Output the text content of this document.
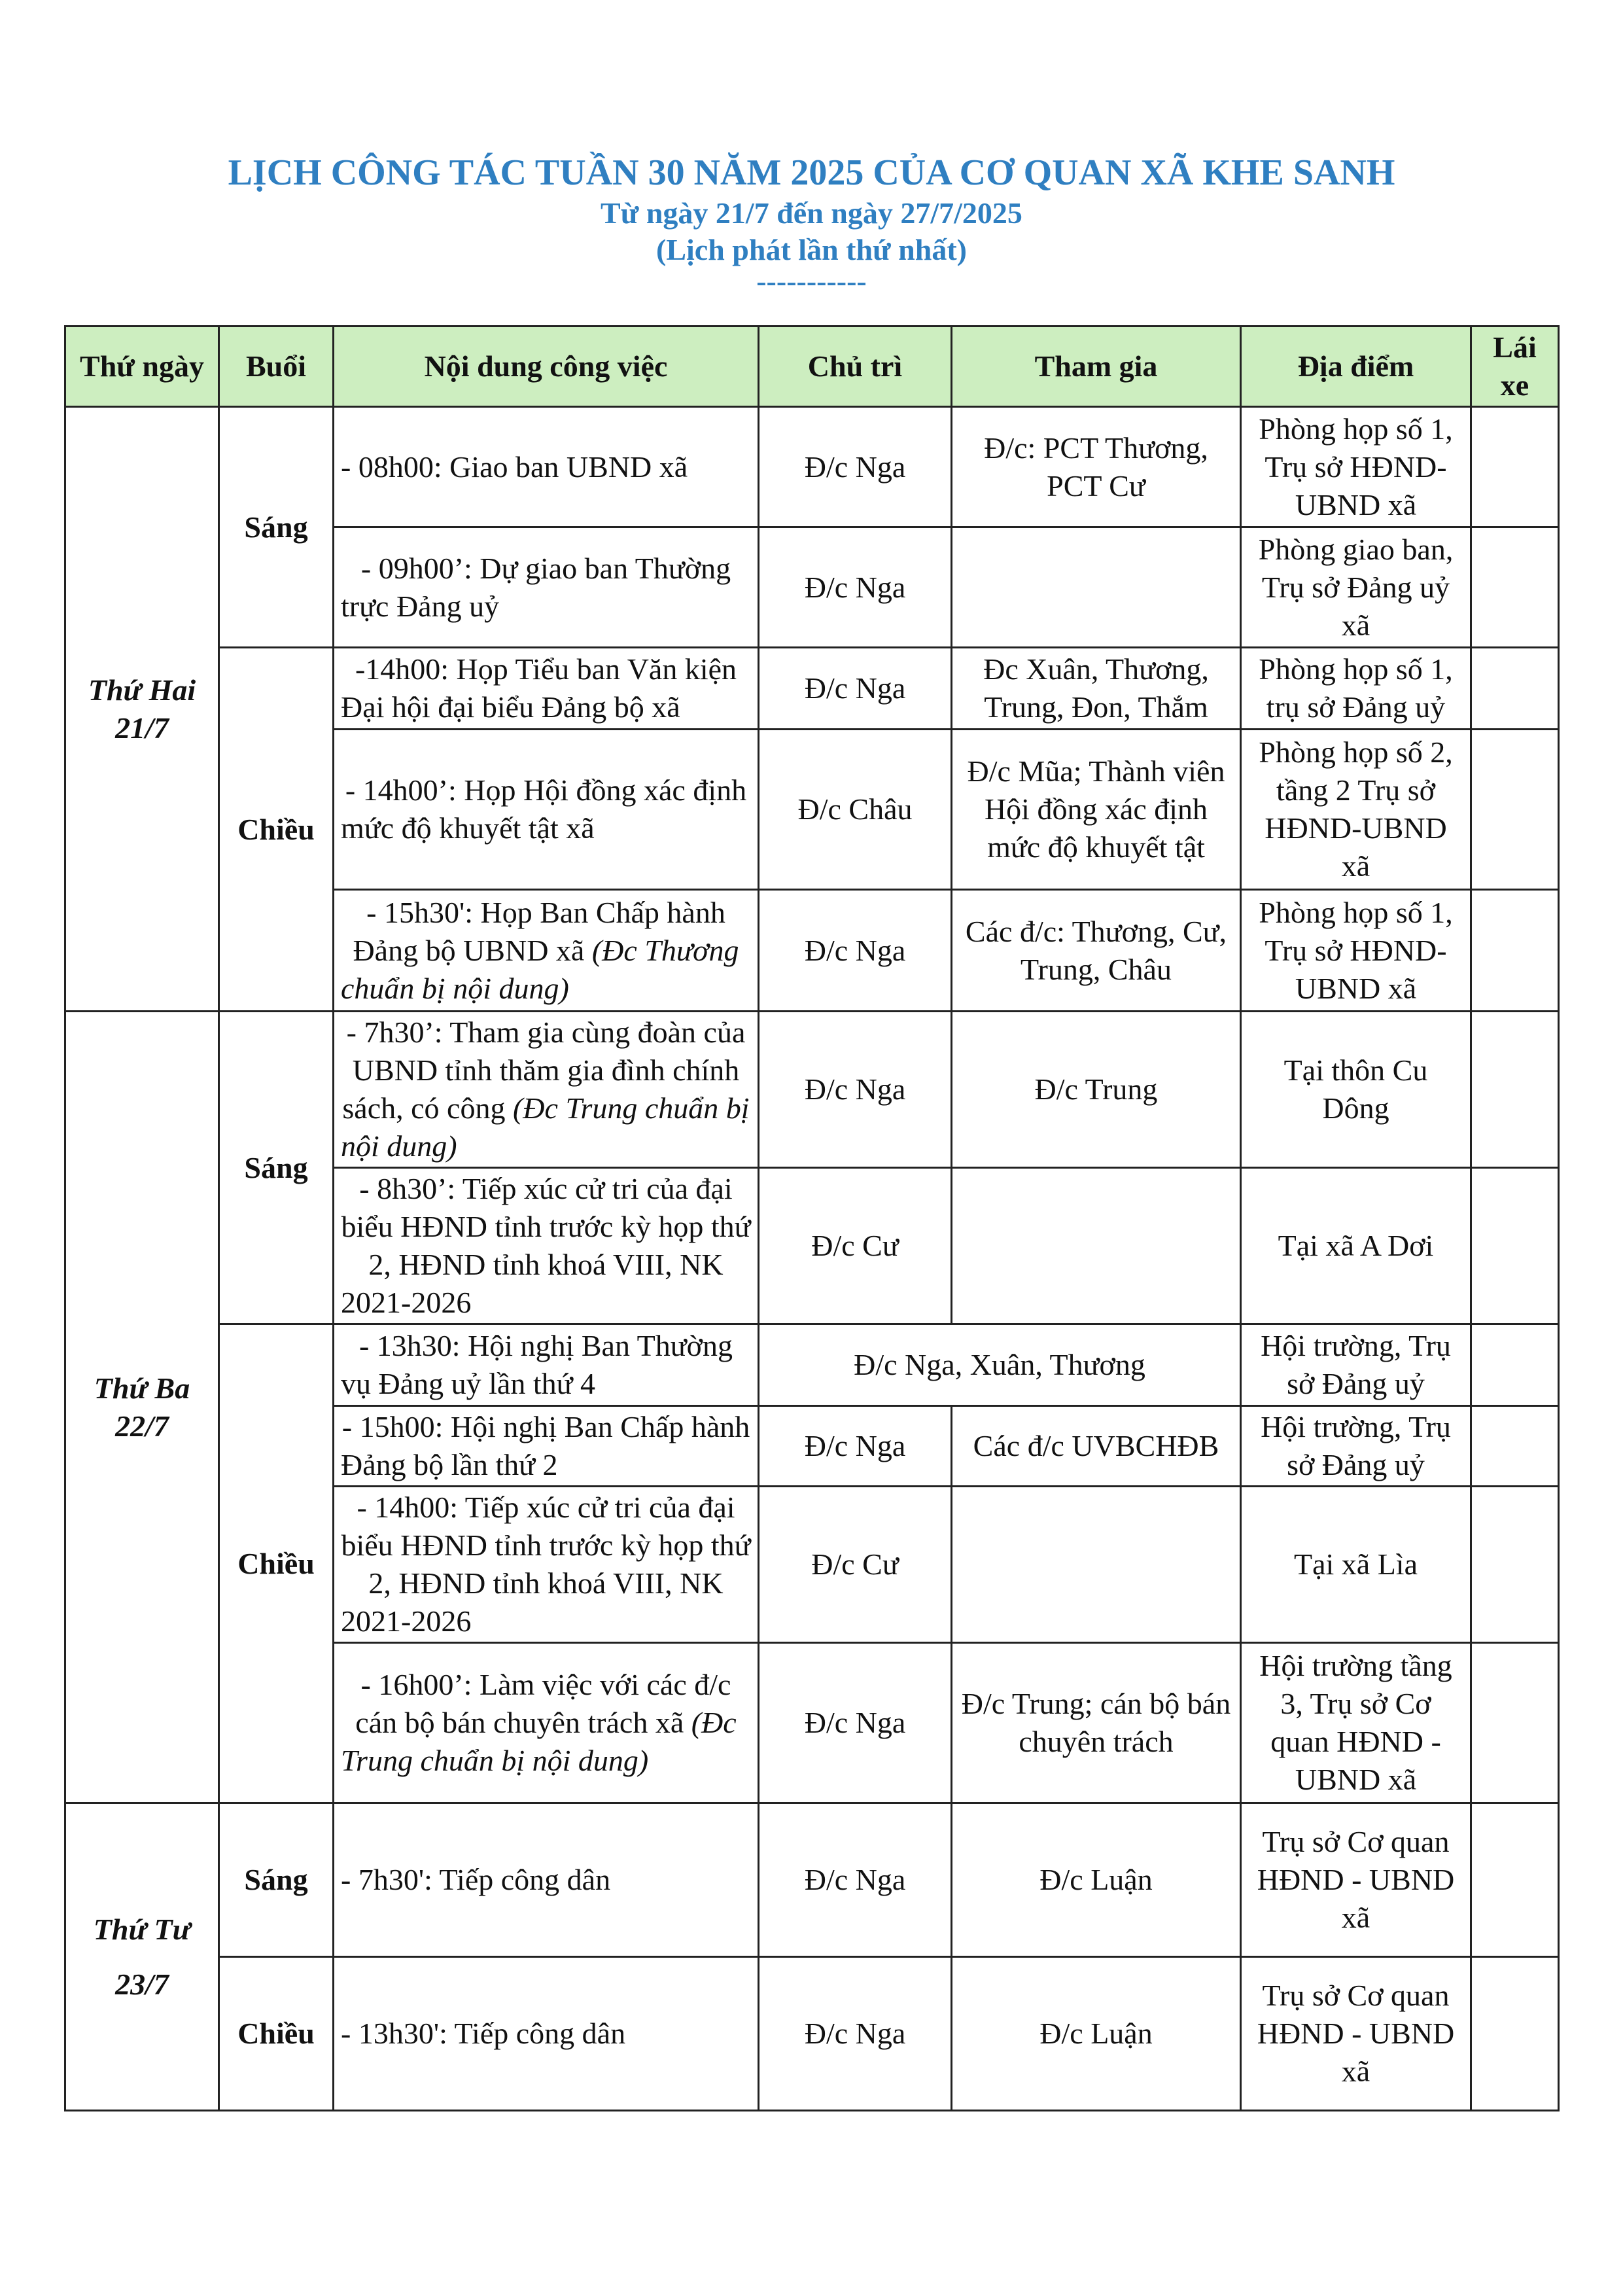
LỊCH CÔNG TÁC TUẦN 30 NĂM 2025 CỦA CƠ QUAN XÃ KHE SANH
Từ ngày 21/7 đến ngày 27/7/2025
(Lịch phát lần thứ nhất)
-----------
Thứ ngày	Buổi	Nội dung công việc	Chủ trì	Tham gia	Địa điểm	Lái xe

Thứ Hai
21/7	Sáng	- 08h00: Giao ban UBND xã	Đ/c Nga	Đ/c: PCT Thương, PCT Cư	Phòng họp số 1, Trụ sở HĐND-UBND xã	
		- 09h00’: Dự giao ban Thường trực Đảng uỷ	Đ/c Nga		Phòng giao ban, Trụ sở Đảng uỷ xã	
	Chiều	-14h00: Họp Tiểu ban Văn kiện Đại hội đại biểu Đảng bộ xã	Đ/c Nga	Đc Xuân, Thương, Trung, Đon, Thắm	Phòng họp số 1, trụ sở Đảng uỷ	
		- 14h00’: Họp Hội đồng xác định mức độ khuyết tật xã	Đ/c Châu	Đ/c Mũa; Thành viên Hội đồng xác định mức độ khuyết tật	Phòng họp số 2, tầng 2 Trụ sở HĐND-UBND xã	
		- 15h30': Họp Ban Chấp hành Đảng bộ UBND xã (Đc Thương chuẩn bị nội dung)	Đ/c Nga	Các đ/c: Thương, Cư, Trung, Châu	Phòng họp số 1, Trụ sở HĐND-UBND xã	

Thứ Ba
22/7	Sáng	- 7h30’: Tham gia cùng đoàn của UBND tỉnh thăm gia đình chính sách, có công (Đc Trung chuẩn bị nội dung)	Đ/c Nga	Đ/c Trung	Tại thôn Cu Dông	
		- 8h30’: Tiếp xúc cử tri của đại biểu HĐND tỉnh trước kỳ họp thứ 2, HĐND tỉnh khoá VIII, NK 2021-2026	Đ/c Cư		Tại xã A Dơi	
	Chiều	- 13h30: Hội nghị Ban Thường vụ Đảng uỷ lần thứ 4	Đ/c Nga, Xuân, Thương		Hội trường, Trụ sở Đảng uỷ	
		- 15h00: Hội nghị Ban Chấp hành Đảng bộ lần thứ 2	Đ/c Nga	Các đ/c UVBCHĐB	Hội trường, Trụ sở Đảng uỷ	
		- 14h00: Tiếp xúc cử tri của đại biểu HĐND tỉnh trước kỳ họp thứ 2, HĐND tỉnh khoá VIII, NK 2021-2026	Đ/c Cư		Tại xã Lìa	
		- 16h00’: Làm việc với các đ/c cán bộ bán chuyên trách xã (Đc Trung chuẩn bị nội dung)	Đ/c Nga	Đ/c Trung; cán bộ bán chuyên trách	Hội trường tầng 3, Trụ sở Cơ quan HĐND - UBND xã	

Thứ Tư
23/7	Sáng	- 7h30': Tiếp công dân	Đ/c Nga	Đ/c Luận	Trụ sở Cơ quan HĐND - UBND xã	
	Chiều	- 13h30': Tiếp công dân	Đ/c Nga	Đ/c Luận	Trụ sở Cơ quan HĐND - UBND xã	
